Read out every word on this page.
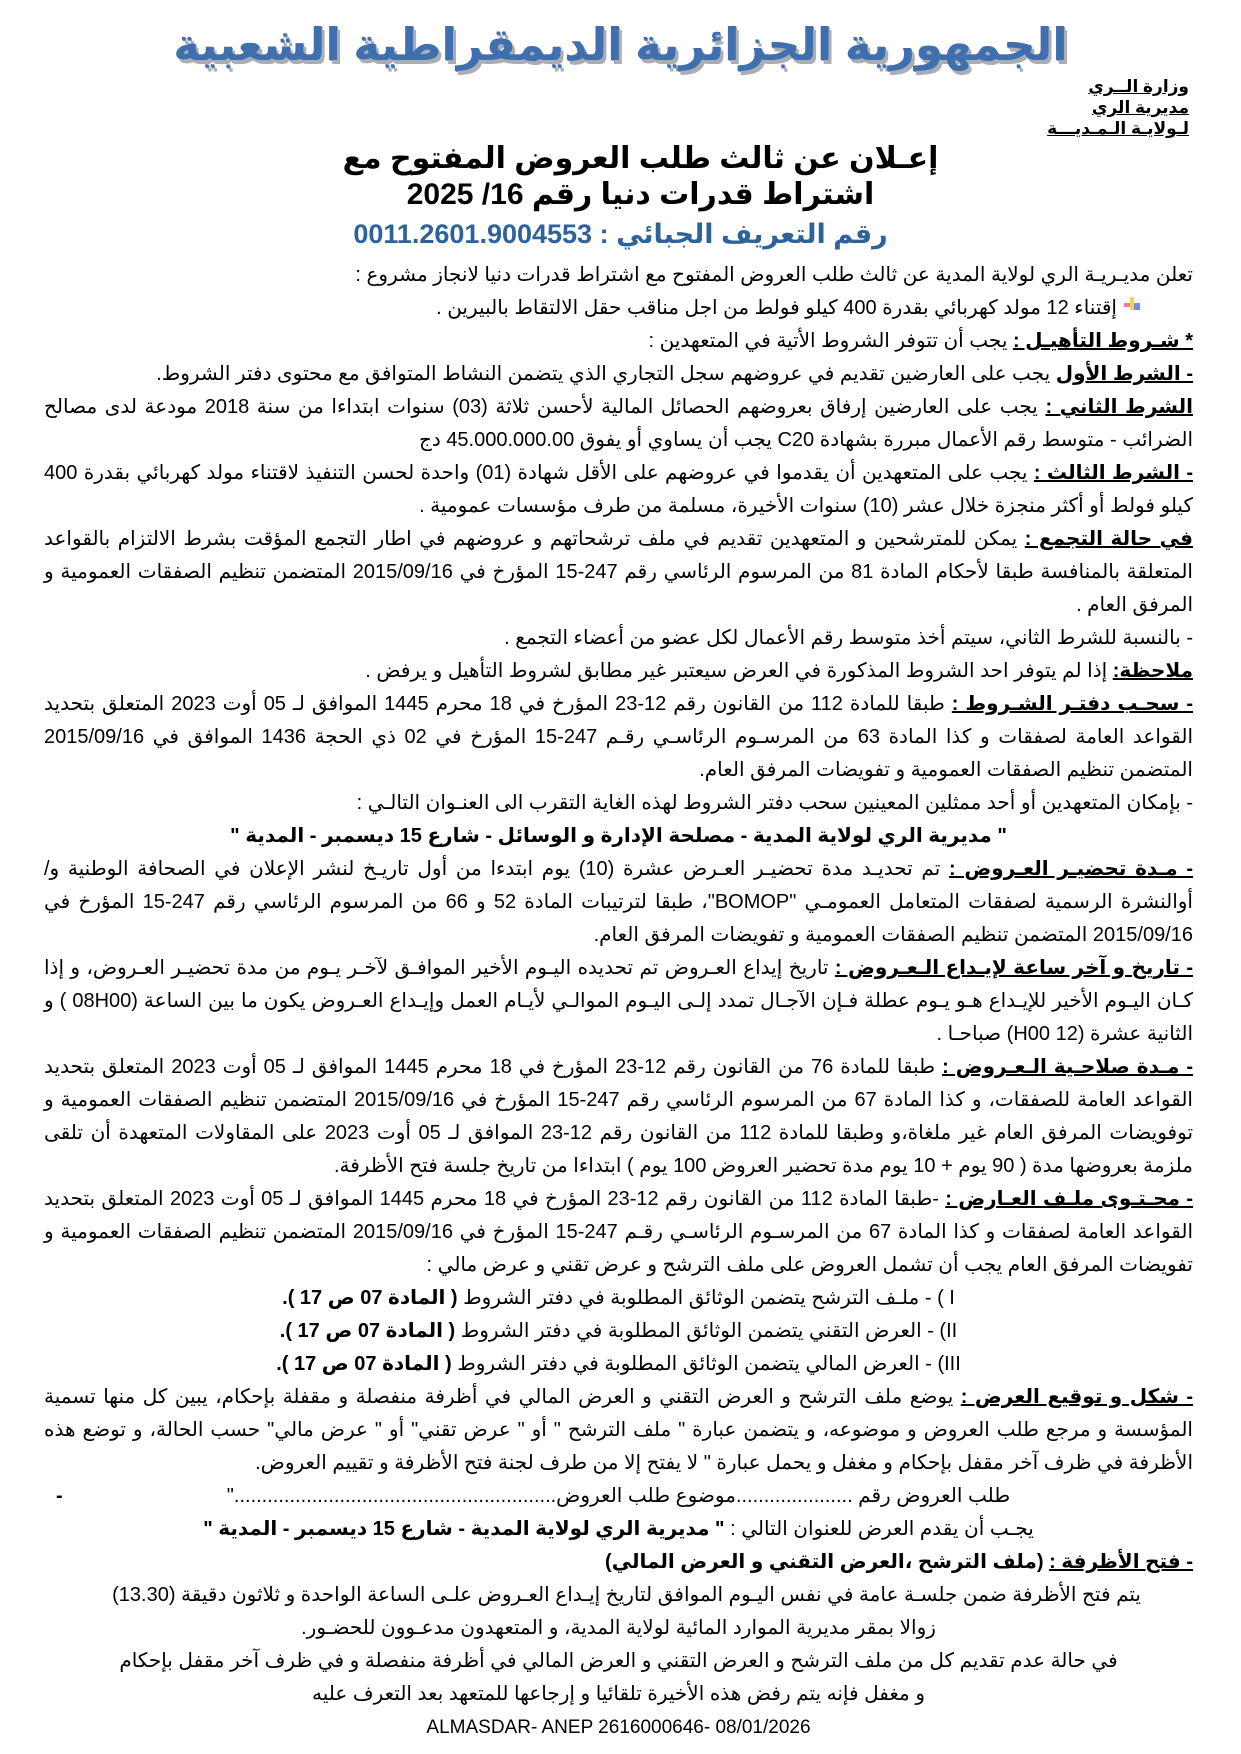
الجمهورية الجزائرية الديمقراطية الشعبية
وزارة الــري
مديرية الري
لـولايـة الـمـديـــة
إعـلان عن ثالث طلب العروض المفتوح مع
اشتراط قدرات دنيا رقم 16/ 2025
رقم التعريف الجبائي : 0011.2601.9004553

تعلن مديـريـة الري لولاية المدية عن ثالث طلب العروض المفتوح مع اشتراط قدرات دنيا لانجاز مشروع :

إقتناء 12 مولد كهربائي بقدرة 400 كيلو فولط من اجل مناقب حقل الالتقاط بالبيرين .

* شـروط التأهيـل : يجب أن تتوفر الشروط الأتية في المتعهدين :

- الشرط الأول يجب على العارضين تقديم في عروضهم سجل التجاري الذي يتضمن النشاط المتوافق مع محتوى دفتر الشروط.

الشرط الثاني : يجب على العارضين إرفاق بعروضهم الحصائل المالية لأحسن ثلاثة (03) سنوات ابتداءا من سنة 2018 مودعة لدى مصالح الضرائب - متوسط رقم الأعمال مبررة بشهادة C20 يجب أن يساوي أو يفوق 45.000.000.00 دج

- الشرط الثالث : يجب على المتعهدين أن يقدموا في عروضهم على الأقل شهادة (01) واحدة لحسن التنفيذ لاقتناء مولد كهربائي بقدرة 400 كيلو فولط أو أكثر منجزة خلال عشر (10) سنوات الأخيرة، مسلمة من طرف مؤسسات عمومية .

في حالة التجمع : يمكن للمترشحين و المتعهدين تقديم في ملف ترشحاتهم و عروضهم في اطار التجمع المؤقت بشرط الالتزام بالقواعد المتعلقة بالمنافسة طبقا لأحكام المادة 81 من المرسوم الرئاسي رقم 247-15 المؤرخ في 2015/09/16 المتضمن تنظيم الصفقات العمومية و المرفق العام .

- بالنسبة للشرط الثاني، سيتم أخذ متوسط رقم الأعمال لكل عضو من أعضاء التجمع .

ملاحظة: إذا لم يتوفر احد الشروط المذكورة في العرض سيعتبر غير مطابق لشروط التأهيل و يرفض .

- سحـب دفتـر الشـروط : طبقا للمادة 112 من القانون رقم 12-23 المؤرخ في 18 محرم 1445 الموافق لـ 05 أوت 2023 المتعلق بتحديد القواعد العامة لصفقات و كذا المادة 63 من المرسـوم الرئاسـي رقـم 247-15 المؤرخ في 02 ذي الحجة 1436 الموافق في 2015/09/16 المتضمن تنظيم الصفقات العمومية و تفويضات المرفق العام.

- بإمكان المتعهدين أو أحد ممثلين المعينين سحب دفتر الشروط لهذه الغاية التقرب الى العنـوان التالـي :

" مديرية الري لولاية المدية - مصلحة الإدارة و الوسائل - شارع 15 ديسمبر - المدية "

- مـدة تحضيـر العـروض : تم تحديـد مدة تحضيـر العـرض عشرة (10) يوم ابتدءا من أول تاريـخ لنشر الإعلان في الصحافة الوطنية و/أوالنشرة الرسمية لصفقات المتعامل العمومـي "BOMOP"، طبقا لترتيبات المادة 52 و 66 من المرسوم الرئاسي رقم 247-15 المؤرخ في 2015/09/16 المتضمن تنظيم الصفقات العمومية و تفويضات المرفق العام.

- تاريخ و آخر ساعة لإيـداع الـعـروض : تاريخ إيداع العـروض تم تحديده اليـوم الأخير الموافـق لآخـر يـوم من مدة تحضيـر العـروض، و إذا كـان اليـوم الأخير للإيـداع هـو يـوم عطلة فـإن الآجـال تمدد إلـى اليـوم الموالـي لأيـام العمل وإيـداع العـروض يكون ما بين الساعة (08H00 ) و الثانية عشرة (12 H00) صباحـا .

- مـدة صلاحـية الـعـروض : طبقا للمادة 76 من القانون رقم 12-23 المؤرخ في 18 محرم 1445 الموافق لـ 05 أوت 2023 المتعلق بتحديد القواعد العامة للصفقات، و كذا المادة 67 من المرسوم الرئاسي رقم 247-15 المؤرخ في 2015/09/16 المتضمن تنظيم الصفقات العمومية و توفويضات المرفق العام غير ملغاة،و وطبقا للمادة 112 من القانون رقم 12-23 الموافق لـ 05 أوت 2023 على المقاولات المتعهدة أن تلقى ملزمة بعروضها مدة ( 90 يوم + 10 يوم مدة تحضير العروض 100 يوم ) ابتداءا من تاريخ جلسة فتح الأظرفة.

- محـتـوى ملـف العـارض : -طبقا المادة 112 من القانون رقم 12-23 المؤرخ في 18 محرم 1445 الموافق لـ 05 أوت 2023 المتعلق بتحديد القواعد العامة لصفقات و كذا المادة 67 من المرسـوم الرئاسـي رقـم 247-15 المؤرخ في 2015/09/16 المتضمن تنظيم الصفقات العمومية و تفويضات المرفق العام يجب أن تشمل العروض على ملف الترشح و عرض تقني و عرض مالي :

I ) - ملـف الترشح يتضمن الوثائق المطلوبة في دفتر الشروط ( المادة 07 ص 17 ).

II) - العرض التقني يتضمن الوثائق المطلوبة في دفتر الشروط ( المادة 07 ص 17 ).

III) - العرض المالي يتضمن الوثائق المطلوبة في دفتر الشروط ( المادة 07 ص 17 ).

- شكل و توقيع العرض : يوضع ملف الترشح و العرض التقني و العرض المالي في أظرفة منفصلة و مقفلة بإحكام، يبين كل منها تسمية المؤسسة و مرجع طلب العروض و موضوعه، و يتضمن عبارة " ملف الترشح " أو " عرض تقني" أو " عرض مالي" حسب الحالة، و توضع هذه الأظرفة في ظرف آخر مقفل بإحكام و مغفل و يحمل عبارة " لا يفتح إلا من طرف لجنة فتح الأظرفة و تقييم العروض.

-	طلب العروض رقم .....................موضوع طلب العروض.........................................................."

يجـب أن يقدم العرض للعنوان التالي : " مديرية الري لولاية المدية - شارع 15 ديسمبر - المدية "

- فتح الأظرفة : (ملف الترشح ،العرض التقني و العرض المالي)

يتم فتح الأظرفة ضمن جلسـة عامة في نفس اليـوم الموافق لتاريخ إيـداع العـروض علـى الساعة الواحدة و ثلاثون دقيقة (13.30)

زوالا بمقر مديرية الموارد المائية لولاية المدية، و المتعهدون مدعـوون للحضـور.

في حالة عدم تقديم كل من ملف الترشح و العرض التقني و العرض المالي في أظرفة منفصلة و في ظرف آخر مقفل بإحكام

و مغفل فإنه يتم رفض هذه الأخيرة تلقائيا و إرجاعها للمتعهد بعد التعرف عليه

ALMASDAR- ANEP 2616000646- 08/01/2026
